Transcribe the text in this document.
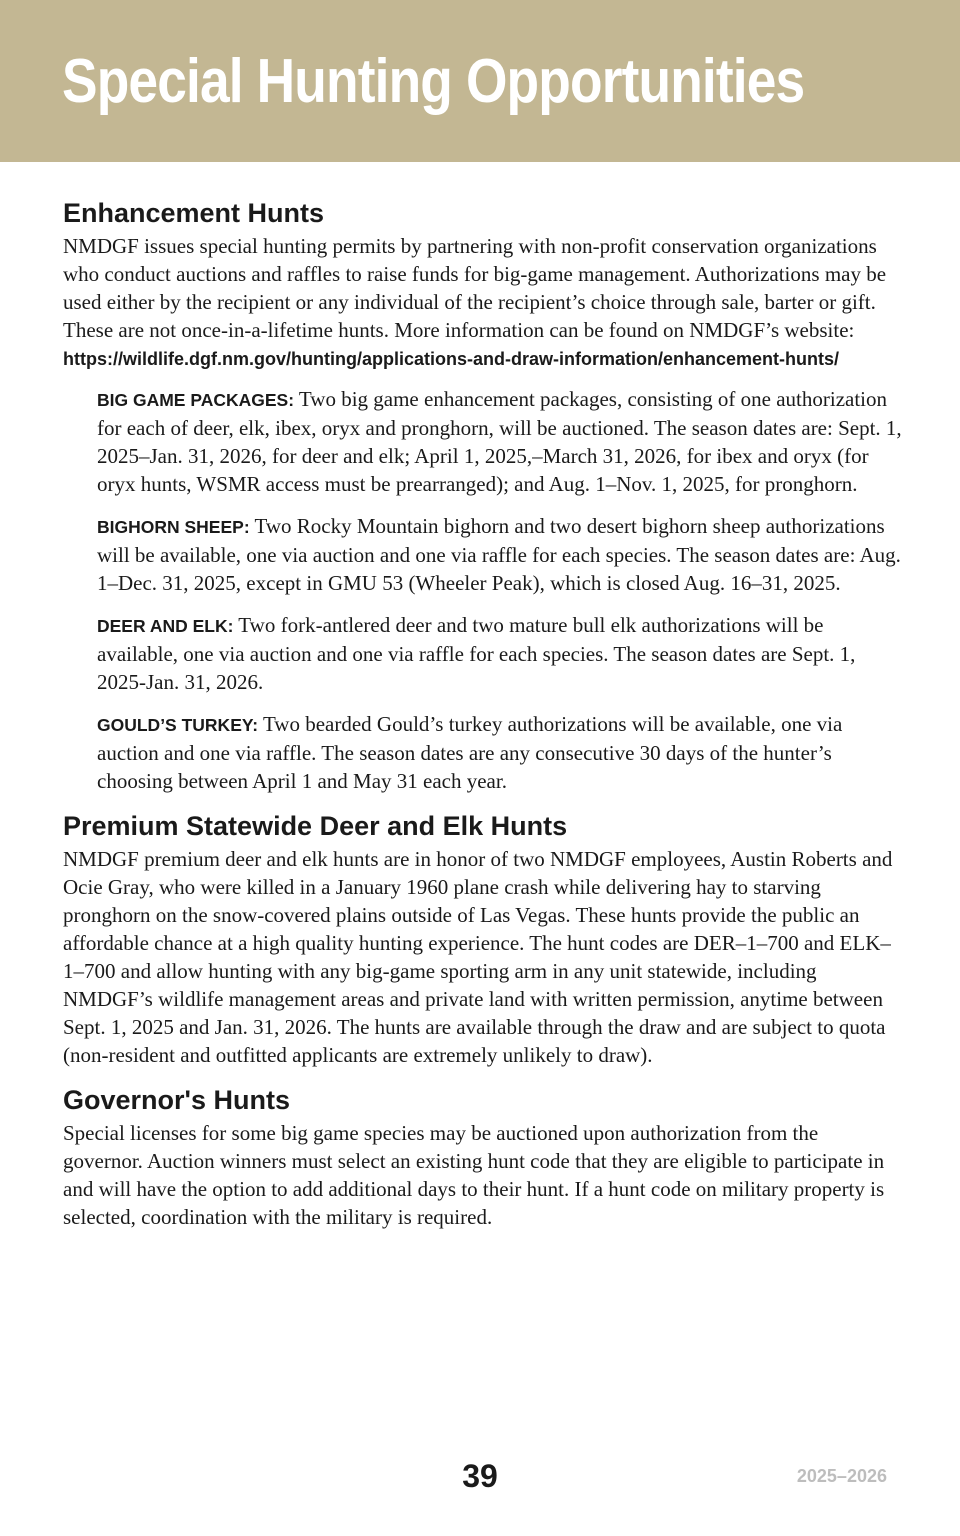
Special Hunting Opportunities
Enhancement Hunts

NMDGF issues special hunting permits by partnering with non-profit conservation organizations who conduct auctions and raffles to raise funds for big-game management. Authorizations may be used either by the recipient or any individual of the recipient’s choice through sale, barter or gift. These are not once-in-a-lifetime hunts. More information can be found on NMDGF’s website: https://wildlife.dgf.nm.gov/hunting/applications-and-draw-information/enhancement-hunts/

BIG GAME PACKAGES: Two big game enhancement packages, consisting of one authorization for each of deer, elk, ibex, oryx and pronghorn, will be auctioned. The season dates are: Sept. 1, 2025–Jan. 31, 2026, for deer and elk; April 1, 2025,–March 31, 2026, for ibex and oryx (for oryx hunts, WSMR access must be prearranged); and Aug. 1–Nov. 1, 2025, for pronghorn.

BIGHORN SHEEP: Two Rocky Mountain bighorn and two desert bighorn sheep authorizations will be available, one via auction and one via raffle for each species. The season dates are: Aug. 1–Dec. 31, 2025, except in GMU 53 (Wheeler Peak), which is closed Aug. 16–31, 2025.

DEER AND ELK: Two fork-antlered deer and two mature bull elk authorizations will be available, one via auction and one via raffle for each species. The season dates are Sept. 1, 2025-Jan. 31, 2026.

GOULD’S TURKEY: Two bearded Gould’s turkey authorizations will be available, one via auction and one via raffle. The season dates are any consecutive 30 days of the hunter’s choosing between April 1 and May 31 each year.

Premium Statewide Deer and Elk Hunts

NMDGF premium deer and elk hunts are in honor of two NMDGF employees, Austin Roberts and Ocie Gray, who were killed in a January 1960 plane crash while delivering hay to starving pronghorn on the snow-covered plains outside of Las Vegas. These hunts provide the public an affordable chance at a high quality hunting experience. The hunt codes are DER–1–700 and ELK–1–700 and allow hunting with any big-game sporting arm in any unit statewide, including NMDGF’s wildlife management areas and private land with written permission, anytime between Sept. 1, 2025 and Jan. 31, 2026. The hunts are available through the draw and are subject to quota (non-resident and outfitted applicants are extremely unlikely to draw).

Governor's Hunts

Special licenses for some big game species may be auctioned upon authorization from the governor. Auction winners must select an existing hunt code that they are eligible to participate in and will have the option to add additional days to their hunt. If a hunt code on military property is selected, coordination with the military is required.

39	2025–2026
